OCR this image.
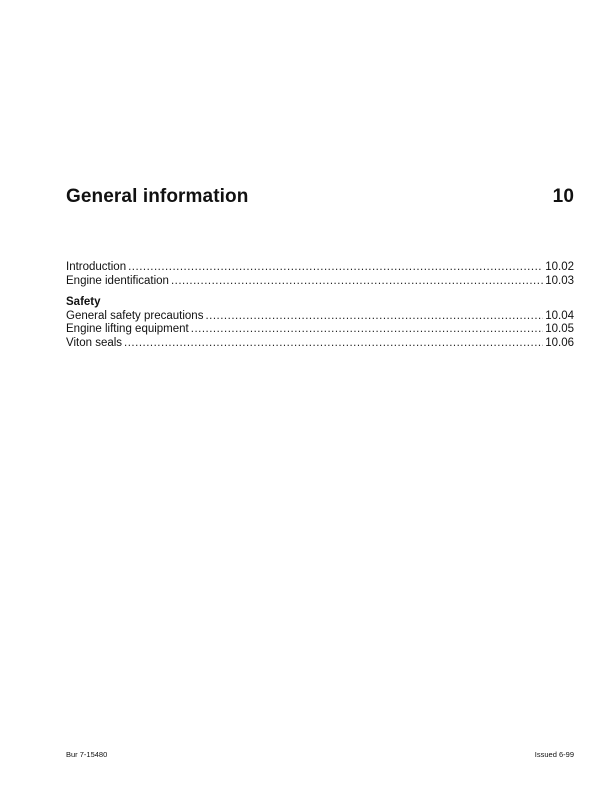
General information	10
Introduction .....	10.02
Engine identification .....	10.03
Safety
General safety precautions .....	10.04
Engine lifting equipment .....	10.05
Viton seals .....	10.06
Bur 7-15480	Issued 6-99
